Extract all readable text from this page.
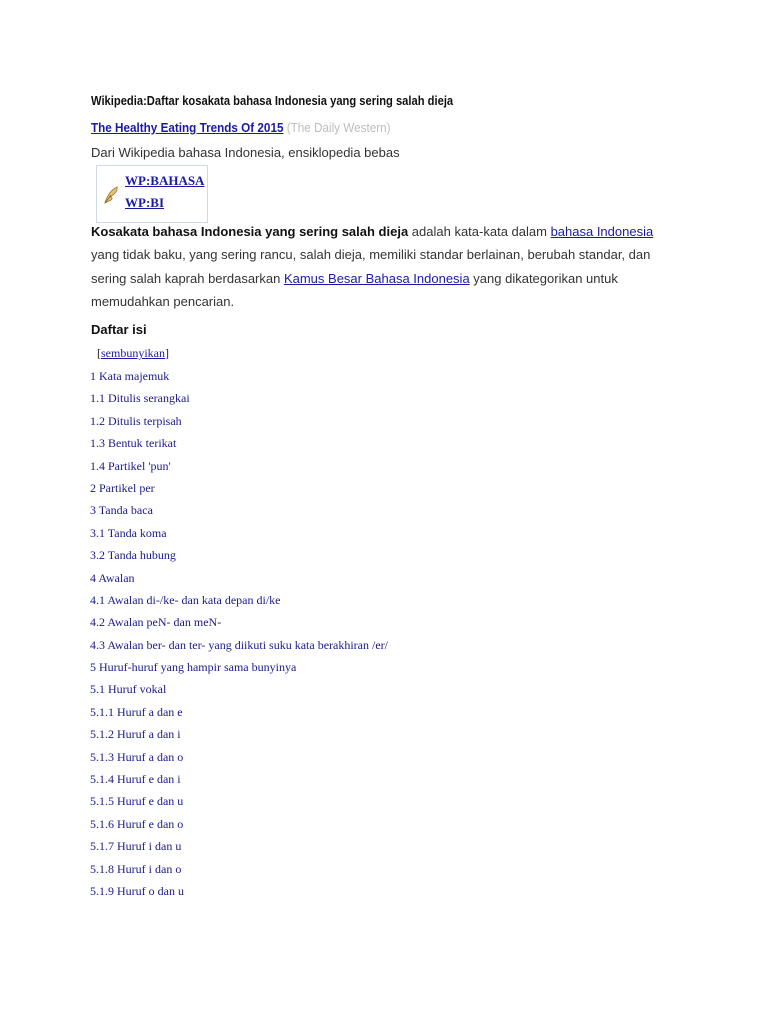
Wikipedia:Daftar kosakata bahasa Indonesia yang sering salah dieja
The Healthy Eating Trends Of 2015 (The Daily Western)
Dari Wikipedia bahasa Indonesia, ensiklopedia bebas
WP:BAHASA
WP:BI
Kosakata bahasa Indonesia yang sering salah dieja adalah kata-kata dalam bahasa Indonesia yang tidak baku, yang sering rancu, salah dieja, memiliki standar berlainan, berubah standar, dan sering salah kaprah berdasarkan Kamus Besar Bahasa Indonesia yang dikategorikan untuk memudahkan pencarian.
Daftar isi
[sembunyikan]
1 Kata majemuk
1.1 Ditulis serangkai
1.2 Ditulis terpisah
1.3 Bentuk terikat
1.4 Partikel 'pun'
2 Partikel per
3 Tanda baca
3.1 Tanda koma
3.2 Tanda hubung
4 Awalan
4.1 Awalan di-/ke- dan kata depan di/ke
4.2 Awalan peN- dan meN-
4.3 Awalan ber- dan ter- yang diikuti suku kata berakhiran /er/
5 Huruf-huruf yang hampir sama bunyinya
5.1 Huruf vokal
5.1.1 Huruf a dan e
5.1.2 Huruf a dan i
5.1.3 Huruf a dan o
5.1.4 Huruf e dan i
5.1.5 Huruf e dan u
5.1.6 Huruf e dan o
5.1.7 Huruf i dan u
5.1.8 Huruf i dan o
5.1.9 Huruf o dan u
